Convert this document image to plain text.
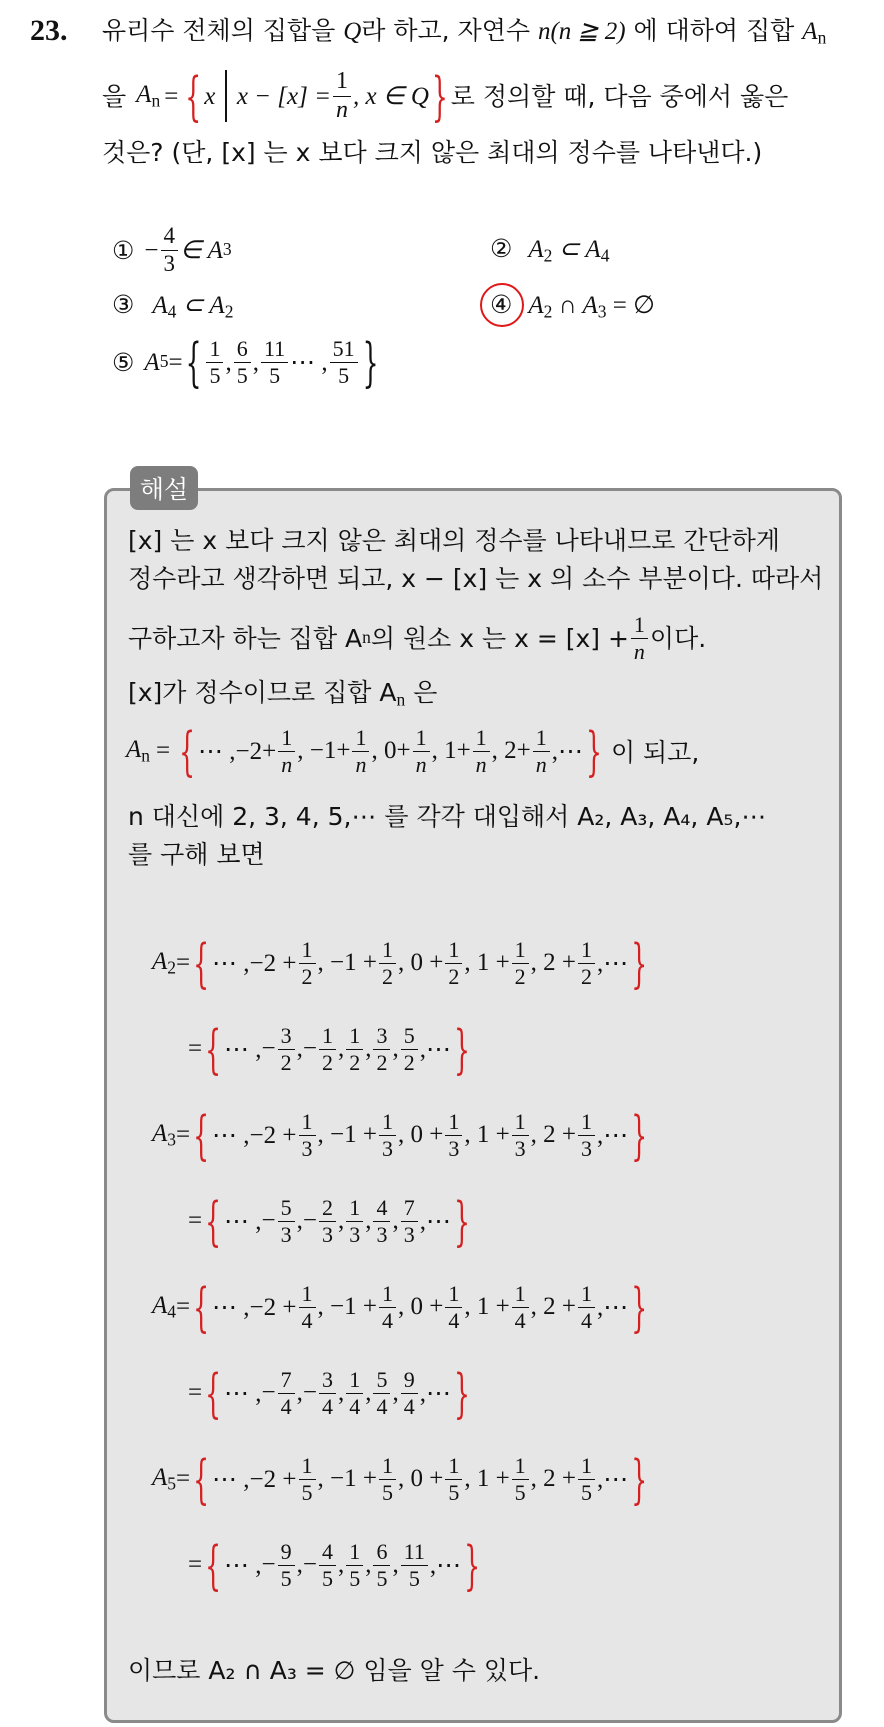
23. 유리수 전체의 집합을 Q라 하고, 자연수 n(n ≧ 2) 에 대하여 집합 $A_n$
을 $A_n$ = { x $x - [x] = \frac{1}{n}$ , x ∈ Q } 로 정의할 때, 다음 중에서 옳은
것은? (단, [x] 는 x 보다 크지 않은 최대의 정수를 나타낸다.)
① − $\frac{4}{3}$ ∈ A 3	② $A_2$ ⊂ $A_4$
③ $A_4$ ⊂ $A_2$	④ $A_2$ ∩ $A_3$ = ∅
⑤ A 5 = { $\frac{1}{5}$ , $\frac{6}{5}$ , $\frac{11}{5}$ ⋯ , $\frac{51}{5}$ }
해설
[x] 는 x 보다 크지 않은 최대의 정수를 나타내므로 간단하게
정수라고 생각하면 되고, x − [x] 는 x 의 소수 부분이다. 따라서
구하고자 하는 집합 A n 의 원소 x 는 $x = [x] + \frac{1}{n}$ 이다.
[x]가 정수이므로 집합 $A_n$ 은
$A_n$ = { ⋯ $,-2+ \frac{1}{n}$ , $-1+ \frac{1}{n}$ , $0+ \frac{1}{n}$ , $1+ \frac{1}{n}$ , $2+ \frac{1}{n}$ ,⋯ } 이 되고,
n 대신에 2, 3, 4, 5,⋯ 를 각각 대입해서 A₂, A₃, A₄, A₅,⋯
를 구해 보면
$A_2$ = { ⋯ $,-2 + \frac{1}{2}$ , $-1 + \frac{1}{2}$ , $0 + \frac{1}{2}$ , $1 + \frac{1}{2}$ , $2 + \frac{1}{2}$ ,⋯ }
= { ⋯ , − $\frac{3}{2}$ , − $\frac{1}{2}$ , $\frac{1}{2}$ , $\frac{3}{2}$ , $\frac{5}{2}$ ,⋯ }
$A_3$ = { ⋯ $,-2 + \frac{1}{3}$ , $-1 + \frac{1}{3}$ , $0 + \frac{1}{3}$ , $1 + \frac{1}{3}$ , $2 + \frac{1}{3}$ ,⋯ }
= { ⋯ , − $\frac{5}{3}$ , − $\frac{2}{3}$ , $\frac{1}{3}$ , $\frac{4}{3}$ , $\frac{7}{3}$ ,⋯ }
$A_4$ = { ⋯ $,-2 + \frac{1}{4}$ , $-1 + \frac{1}{4}$ , $0 + \frac{1}{4}$ , $1 + \frac{1}{4}$ , $2 + \frac{1}{4}$ ,⋯ }
= { ⋯ , − $\frac{7}{4}$ , − $\frac{3}{4}$ , $\frac{1}{4}$ , $\frac{5}{4}$ , $\frac{9}{4}$ ,⋯ }
$A_5$ = { ⋯ $,-2 + \frac{1}{5}$ , $-1 + \frac{1}{5}$ , $0 + \frac{1}{5}$ , $1 + \frac{1}{5}$ , $2 + \frac{1}{5}$ ,⋯ }
= { ⋯ , − $\frac{9}{5}$ , − $\frac{4}{5}$ , $\frac{1}{5}$ , $\frac{6}{5}$ , $\frac{11}{5}$ ,⋯ }
이므로 A₂ ∩ A₃ = ∅ 임을 알 수 있다.
